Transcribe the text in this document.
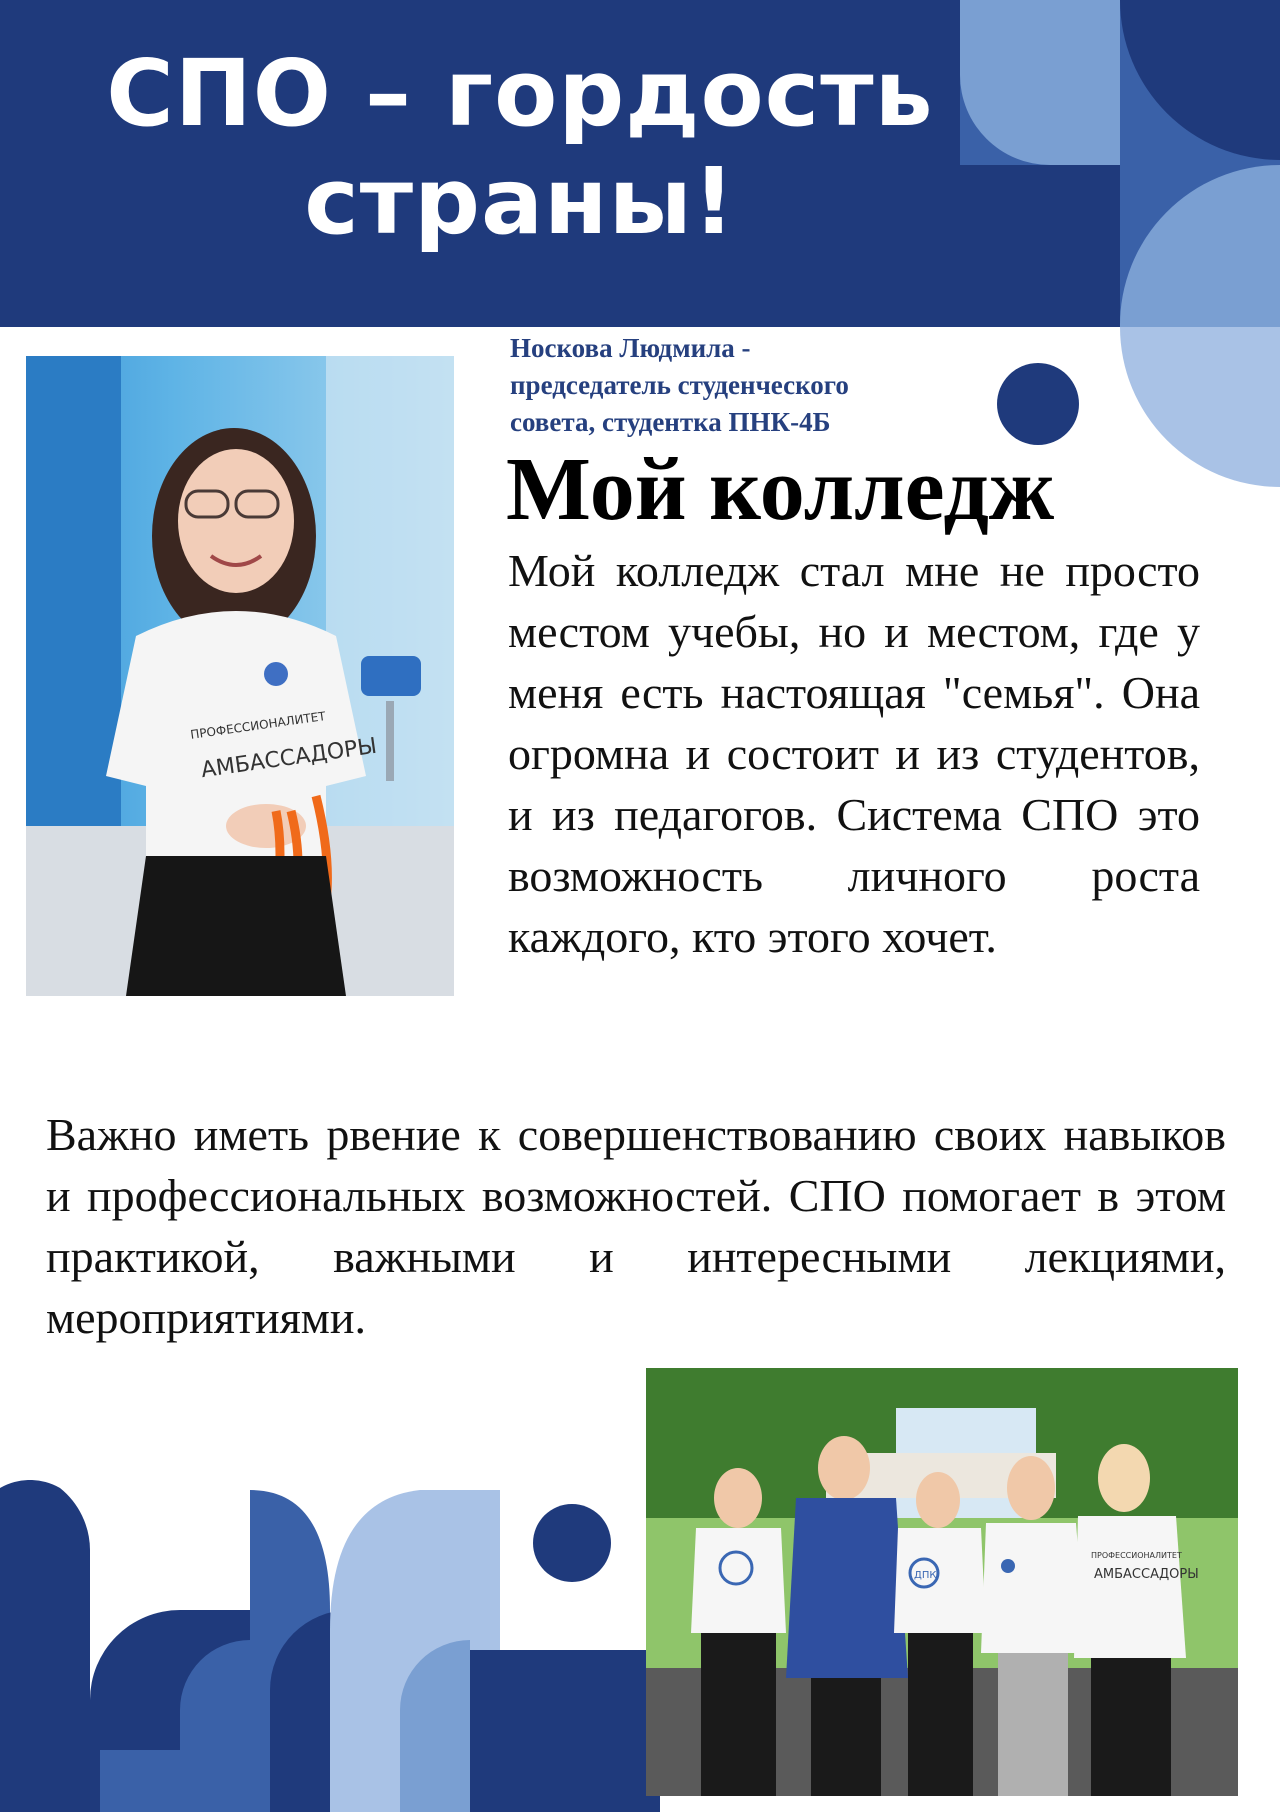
СПО – гордость
страны!
ПРОФЕССИОНАЛИТЕТ
АМБАССАДОРЫ
Носкова Людмила -
председатель студенческого
совета, студентка ПНК-4Б
Мой колледж
Мой колледж стал мне не просто местом учебы, но и местом, где у меня есть настоящая "семья". Она огромна и состоит и из студентов, и из педагогов. Система СПО это возможность личного роста каждого, кто этого хочет.
Важно иметь рвение к совершенствованию своих навыков и профессиональных возможностей. СПО помогает в этом практикой, важными и интересными лекциями, мероприятиями.
ДПК
ПРОФЕССИОНАЛИТЕТ
АМБАССАДОРЫ
